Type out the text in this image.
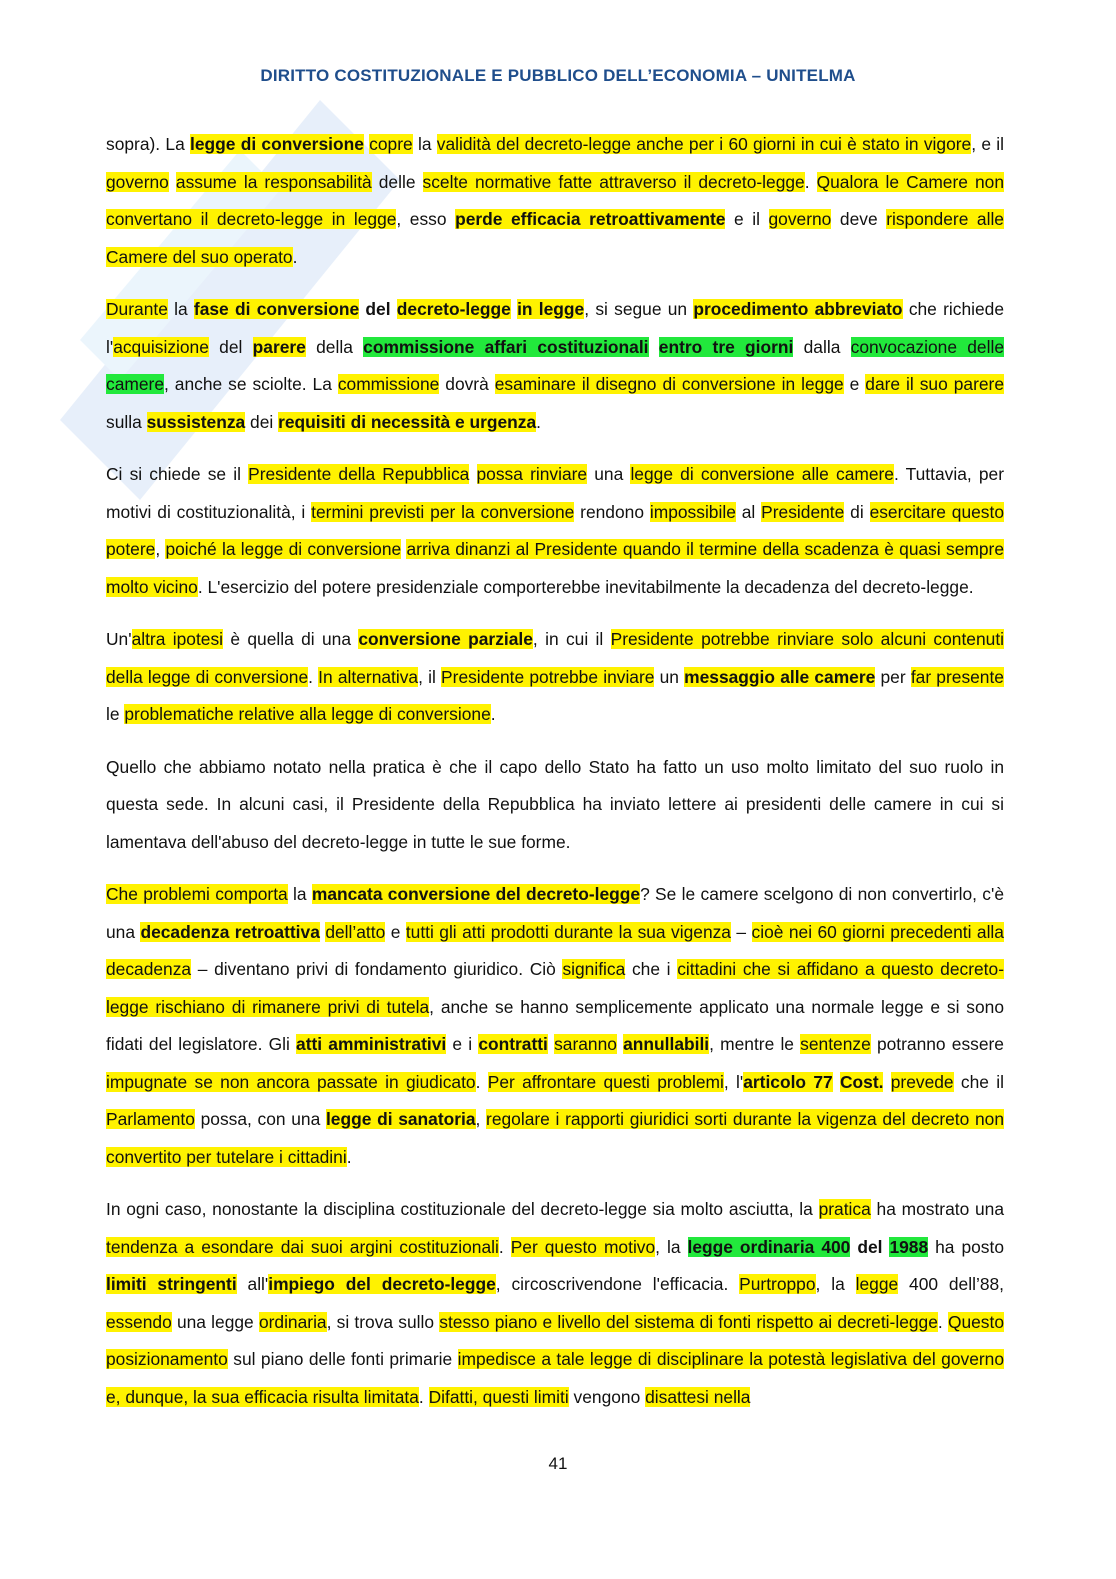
DIRITTO COSTITUZIONALE E PUBBLICO DELL’ECONOMIA – UNITELMA

sopra). La legge di conversione copre la validità del decreto-legge anche per i 60 giorni in cui è stato in vigore, e il governo assume la responsabilità delle scelte normative fatte attraverso il decreto-legge. Qualora le Camere non convertano il decreto-legge in legge, esso perde efficacia retroattivamente e il governo deve rispondere alle Camere del suo operato.

Durante la fase di conversione del decreto-legge in legge, si segue un procedimento abbreviato che richiede l'acquisizione del parere della commissione affari costituzionali entro tre giorni dalla convocazione delle camere, anche se sciolte. La commissione dovrà esaminare il disegno di conversione in legge e dare il suo parere sulla sussistenza dei requisiti di necessità e urgenza.

Ci si chiede se il Presidente della Repubblica possa rinviare una legge di conversione alle camere. Tuttavia, per motivi di costituzionalità, i termini previsti per la conversione rendono impossibile al Presidente di esercitare questo potere, poiché la legge di conversione arriva dinanzi al Presidente quando il termine della scadenza è quasi sempre molto vicino. L'esercizio del potere presidenziale comporterebbe inevitabilmente la decadenza del decreto-legge.

Un'altra ipotesi è quella di una conversione parziale, in cui il Presidente potrebbe rinviare solo alcuni contenuti della legge di conversione. In alternativa, il Presidente potrebbe inviare un messaggio alle camere per far presente le problematiche relative alla legge di conversione.

Quello che abbiamo notato nella pratica è che il capo dello Stato ha fatto un uso molto limitato del suo ruolo in questa sede. In alcuni casi, il Presidente della Repubblica ha inviato lettere ai presidenti delle camere in cui si lamentava dell'abuso del decreto-legge in tutte le sue forme.

Che problemi comporta la mancata conversione del decreto-legge? Se le camere scelgono di non convertirlo, c'è una decadenza retroattiva dell’atto e tutti gli atti prodotti durante la sua vigenza – cioè nei 60 giorni precedenti alla decadenza – diventano privi di fondamento giuridico. Ciò significa che i cittadini che si affidano a questo decreto-legge rischiano di rimanere privi di tutela, anche se hanno semplicemente applicato una normale legge e si sono fidati del legislatore. Gli atti amministrativi e i contratti saranno annullabili, mentre le sentenze potranno essere impugnate se non ancora passate in giudicato. Per affrontare questi problemi, l'articolo 77 Cost. prevede che il Parlamento possa, con una legge di sanatoria, regolare i rapporti giuridici sorti durante la vigenza del decreto non convertito per tutelare i cittadini.

In ogni caso, nonostante la disciplina costituzionale del decreto-legge sia molto asciutta, la pratica ha mostrato una tendenza a esondare dai suoi argini costituzionali. Per questo motivo, la legge ordinaria 400 del 1988 ha posto limiti stringenti all'impiego del decreto-legge, circoscrivendone l'efficacia. Purtroppo, la legge 400 dell’88, essendo una legge ordinaria, si trova sullo stesso piano e livello del sistema di fonti rispetto ai decreti-legge. Questo posizionamento sul piano delle fonti primarie impedisce a tale legge di disciplinare la potestà legislativa del governo e, dunque, la sua efficacia risulta limitata. Difatti, questi limiti vengono disattesi nella

41
